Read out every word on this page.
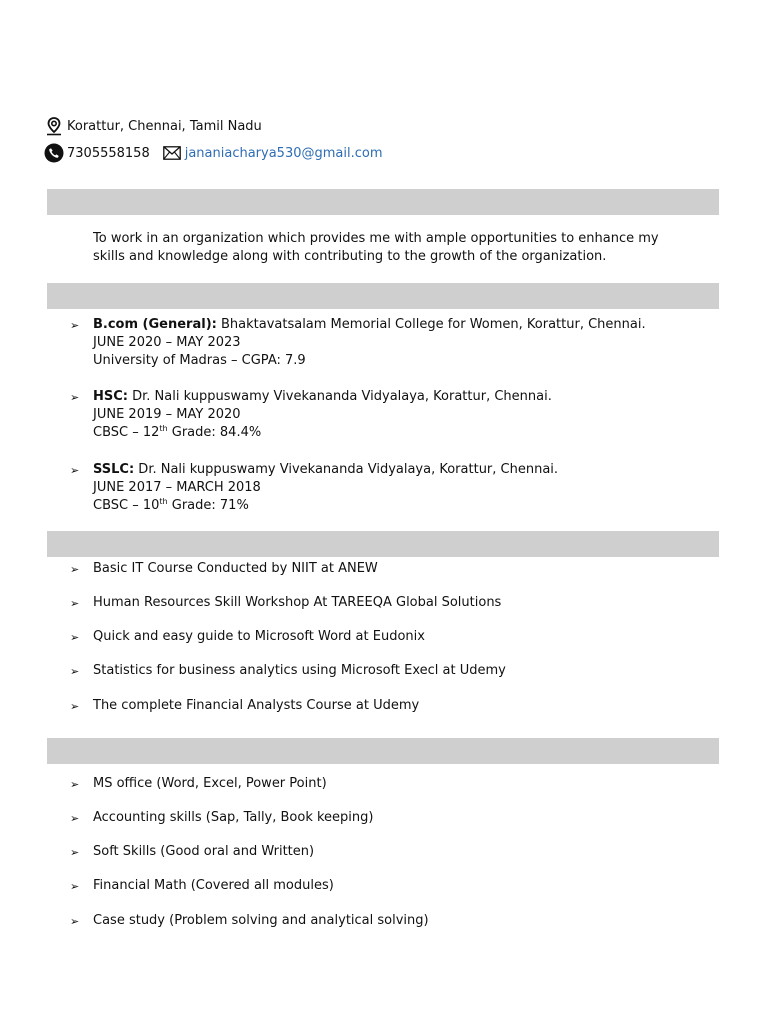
Korattur, Chennai, Tamil Nadu
7305558158	jananiacharya530@gmail.com
To work in an organization which provides me with ample opportunities to enhance my skills and knowledge along with contributing to the growth of the organization.
➢ B.com (General): Bhaktavatsalam Memorial College for Women, Korattur, Chennai.
JUNE 2020 – MAY 2023
University of Madras – CGPA: 7.9
➢ HSC: Dr. Nali kuppuswamy Vivekananda Vidyalaya, Korattur, Chennai.
JUNE 2019 – MAY 2020
CBSC – 12th Grade: 84.4%
➢ SSLC: Dr. Nali kuppuswamy Vivekananda Vidyalaya, Korattur, Chennai.
JUNE 2017 – MARCH 2018
CBSC – 10th Grade: 71%
➢ Basic IT Course Conducted by NIIT at ANEW
➢ Human Resources Skill Workshop At TAREEQA Global Solutions
➢ Quick and easy guide to Microsoft Word at Eudonix
➢ Statistics for business analytics using Microsoft Execl at Udemy
➢ The complete Financial Analysts Course at Udemy
➢ MS office (Word, Excel, Power Point)
➢ Accounting skills (Sap, Tally, Book keeping)
➢ Soft Skills (Good oral and Written)
➢ Financial Math (Covered all modules)
➢ Case study (Problem solving and analytical solving)
